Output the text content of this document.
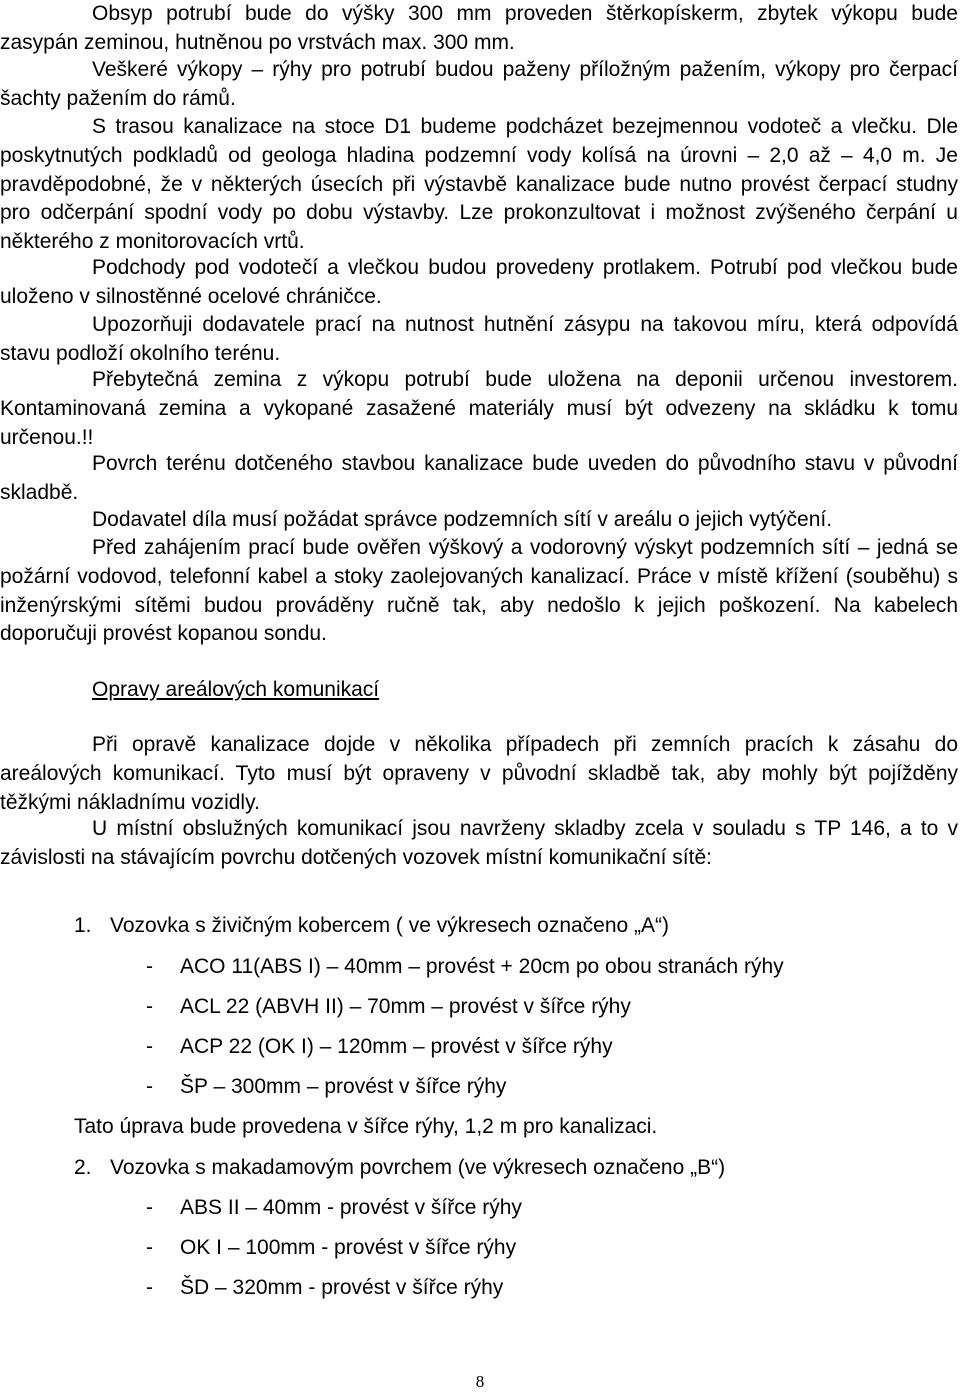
Obsyp potrubí bude do výšky 300 mm proveden štěrkopískerm, zbytek výkopu bude zasypán zeminou, hutněnou po vrstvách max. 300 mm.

Veškeré výkopy – rýhy pro potrubí budou paženy příložným pažením, výkopy pro čerpací šachty pažením do rámů.

S trasou kanalizace na stoce D1 budeme podcházet bezejmennou vodoteč a vlečku. Dle poskytnutých podkladů od geologa hladina podzemní vody kolísá na úrovni – 2,0 až – 4,0 m. Je pravděpodobné, že v některých úsecích při výstavbě kanalizace bude nutno provést čerpací studny pro odčerpání spodní vody po dobu výstavby. Lze prokonzultovat i možnost zvýšeného čerpání u některého z monitorovacích vrtů.

Podchody pod vodotečí a vlečkou budou provedeny protlakem. Potrubí pod vlečkou bude uloženo v silnostěnné ocelové chráničce.

Upozorňuji dodavatele prací na nutnost hutnění zásypu na takovou míru, která odpovídá stavu podloží okolního terénu.

Přebytečná zemina z výkopu potrubí bude uložena na deponii určenou investorem. Kontaminovaná zemina a vykopané zasažené materiály musí být odvezeny na skládku k tomu určenou.!!

Povrch terénu dotčeného stavbou kanalizace bude uveden do původního stavu v původní skladbě.

Dodavatel díla musí požádat správce podzemních sítí v areálu o jejich vytýčení.

Před zahájením prací bude ověřen výškový a vodorovný výskyt podzemních sítí – jedná se požární vodovod, telefonní kabel a stoky zaolejovaných kanalizací. Práce v místě křížení (souběhu) s inženýrskými sítěmi budou prováděny ručně tak, aby nedošlo k jejich poškození. Na kabelech doporučuji provést kopanou sondu.

Opravy areálových komunikací

Při opravě kanalizace dojde v několika případech při zemních pracích k zásahu do areálových komunikací. Tyto musí být opraveny v původní skladbě tak, aby mohly být pojížděny těžkými nákladnímu vozidly.

U místní obslužných komunikací jsou navrženy skladby zcela v souladu s TP 146, a to v závislosti na stávajícím povrchu dotčených vozovek místní komunikační sítě:

1. Vozovka s živičným kobercem ( ve výkresech označeno „A“)

- ACO 11(ABS I) – 40mm – provést + 20cm po obou stranách rýhy

- ACL 22 (ABVH II) – 70mm – provést v šířce rýhy

- ACP 22 (OK I) – 120mm – provést v šířce rýhy

- ŠP – 300mm – provést v šířce rýhy

Tato úprava bude provedena v šířce rýhy, 1,2 m pro kanalizaci.

2. Vozovka s makadamovým povrchem (ve výkresech označeno „B“)

- ABS II – 40mm - provést v šířce rýhy

- OK I – 100mm - provést v šířce rýhy

- ŠD – 320mm - provést v šířce rýhy

8
